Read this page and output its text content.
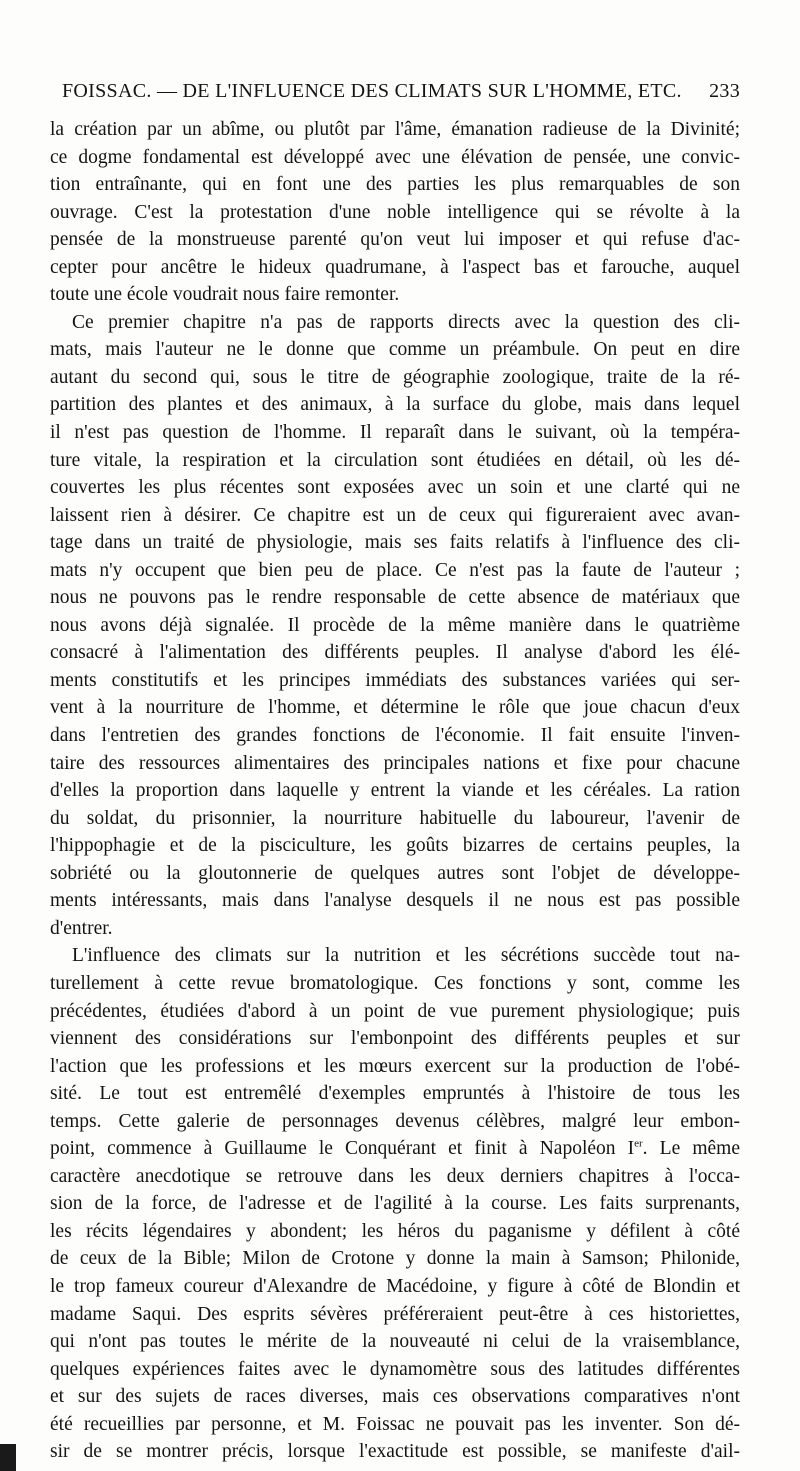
FOISSAC. — DE L'INFLUENCE DES CLIMATS SUR L'HOMME, ETC. 233
la création par un abîme, ou plutôt par l'âme, émanation radieuse de la Divinité;
ce dogme fondamental est développé avec une élévation de pensée, une convic-
tion entraînante, qui en font une des parties les plus remarquables de son
ouvrage. C'est la protestation d'une noble intelligence qui se révolte à la
pensée de la monstrueuse parenté qu'on veut lui imposer et qui refuse d'ac-
cepter pour ancêtre le hideux quadrumane, à l'aspect bas et farouche, auquel
toute une école voudrait nous faire remonter.
Ce premier chapitre n'a pas de rapports directs avec la question des cli-
mats, mais l'auteur ne le donne que comme un préambule. On peut en dire
autant du second qui, sous le titre de géographie zoologique, traite de la ré-
partition des plantes et des animaux, à la surface du globe, mais dans lequel
il n'est pas question de l'homme. Il reparaît dans le suivant, où la tempéra-
ture vitale, la respiration et la circulation sont étudiées en détail, où les dé-
couvertes les plus récentes sont exposées avec un soin et une clarté qui ne
laissent rien à désirer. Ce chapitre est un de ceux qui figureraient avec avan-
tage dans un traité de physiologie, mais ses faits relatifs à l'influence des cli-
mats n'y occupent que bien peu de place. Ce n'est pas la faute de l'auteur ;
nous ne pouvons pas le rendre responsable de cette absence de matériaux que
nous avons déjà signalée. Il procède de la même manière dans le quatrième
consacré à l'alimentation des différents peuples. Il analyse d'abord les élé-
ments constitutifs et les principes immédiats des substances variées qui ser-
vent à la nourriture de l'homme, et détermine le rôle que joue chacun d'eux
dans l'entretien des grandes fonctions de l'économie. Il fait ensuite l'inven-
taire des ressources alimentaires des principales nations et fixe pour chacune
d'elles la proportion dans laquelle y entrent la viande et les céréales. La ration
du soldat, du prisonnier, la nourriture habituelle du laboureur, l'avenir de
l'hippophagie et de la pisciculture, les goûts bizarres de certains peuples, la
sobriété ou la gloutonnerie de quelques autres sont l'objet de développe-
ments intéressants, mais dans l'analyse desquels il ne nous est pas possible
d'entrer.
L'influence des climats sur la nutrition et les sécrétions succède tout na-
turellement à cette revue bromatologique. Ces fonctions y sont, comme les
précédentes, étudiées d'abord à un point de vue purement physiologique; puis
viennent des considérations sur l'embonpoint des différents peuples et sur
l'action que les professions et les mœurs exercent sur la production de l'obé-
sité. Le tout est entremêlé d'exemples empruntés à l'histoire de tous les
temps. Cette galerie de personnages devenus célèbres, malgré leur embon-
point, commence à Guillaume le Conquérant et finit à Napoléon Ier. Le même
caractère anecdotique se retrouve dans les deux derniers chapitres à l'occa-
sion de la force, de l'adresse et de l'agilité à la course. Les faits surprenants,
les récits légendaires y abondent; les héros du paganisme y défilent à côté
de ceux de la Bible; Milon de Crotone y donne la main à Samson; Philonide,
le trop fameux coureur d'Alexandre de Macédoine, y figure à côté de Blondin et
madame Saqui. Des esprits sévères préféreraient peut-être à ces historiettes,
qui n'ont pas toutes le mérite de la nouveauté ni celui de la vraisemblance,
quelques expériences faites avec le dynamomètre sous des latitudes différentes
et sur des sujets de races diverses, mais ces observations comparatives n'ont
été recueillies par personne, et M. Foissac ne pouvait pas les inventer. Son dé-
sir de se montrer précis, lorsque l'exactitude est possible, se manifeste d'ail-
